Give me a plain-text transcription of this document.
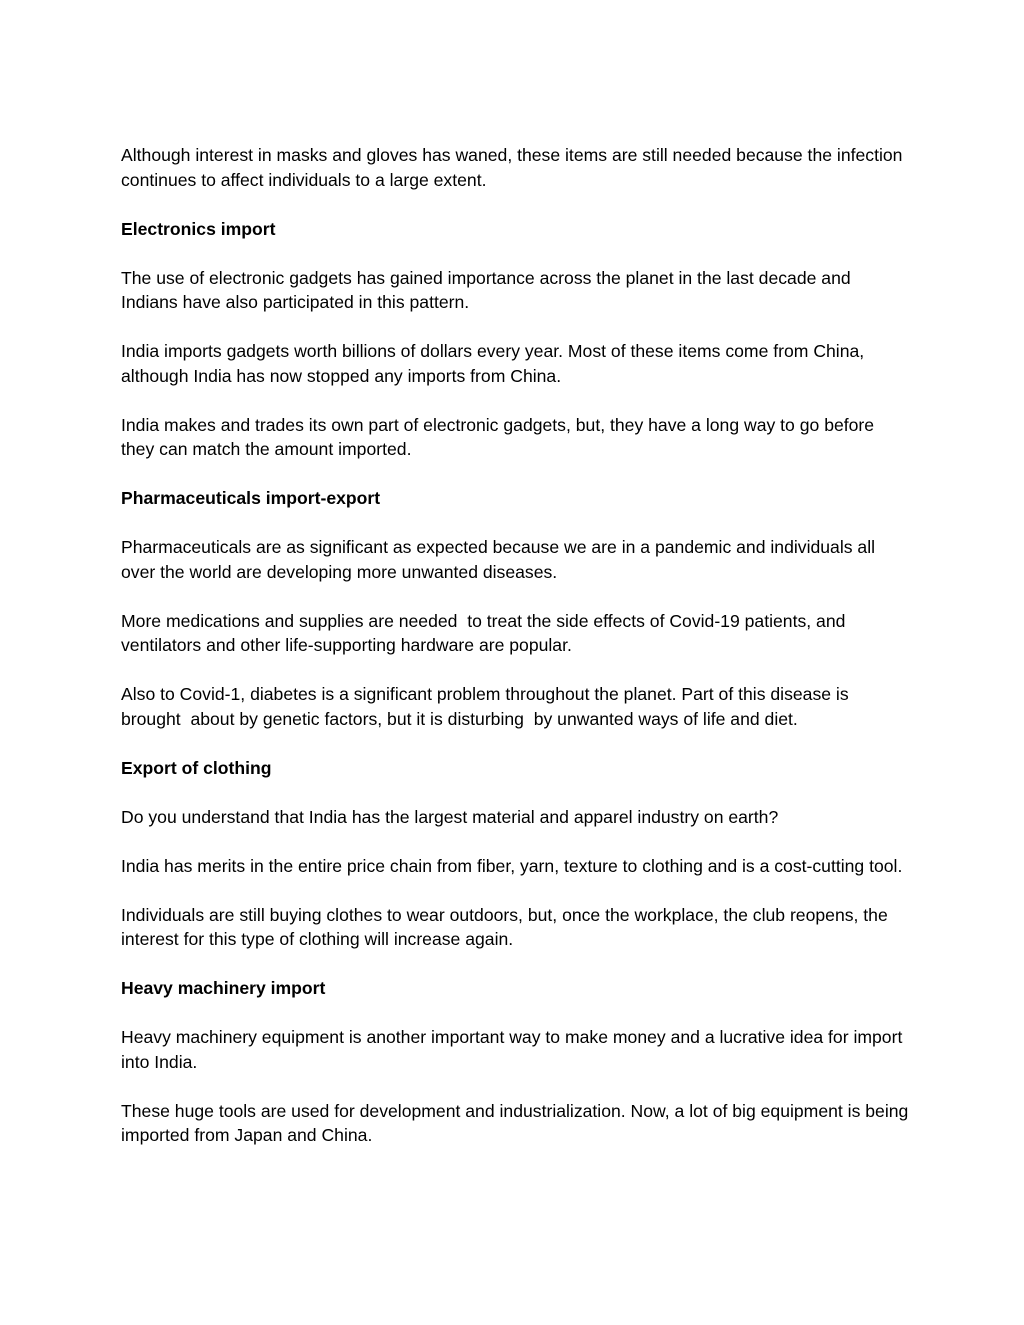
Although interest in masks and gloves has waned, these items are still needed because the infection continues to affect individuals to a large extent.

Electronics import

The use of electronic gadgets has gained importance across the planet in the last decade and Indians have also participated in this pattern.

India imports gadgets worth billions of dollars every year. Most of these items come from China, although India has now stopped any imports from China.

India makes and trades its own part of electronic gadgets, but, they have a long way to go before they can match the amount imported.

Pharmaceuticals import-export

Pharmaceuticals are as significant as expected because we are in a pandemic and individuals all over the world are developing more unwanted diseases.

More medications and supplies are needed  to treat the side effects of Covid-19 patients, and ventilators and other life-supporting hardware are popular.

Also to Covid-1, diabetes is a significant problem throughout the planet. Part of this disease is brought  about by genetic factors, but it is disturbing  by unwanted ways of life and diet.

Export of clothing

Do you understand that India has the largest material and apparel industry on earth?

India has merits in the entire price chain from fiber, yarn, texture to clothing and is a cost-cutting tool.

Individuals are still buying clothes to wear outdoors, but, once the workplace, the club reopens, the interest for this type of clothing will increase again.

Heavy machinery import

Heavy machinery equipment is another important way to make money and a lucrative idea for import into India.

These huge tools are used for development and industrialization. Now, a lot of big equipment is being imported from Japan and China.
